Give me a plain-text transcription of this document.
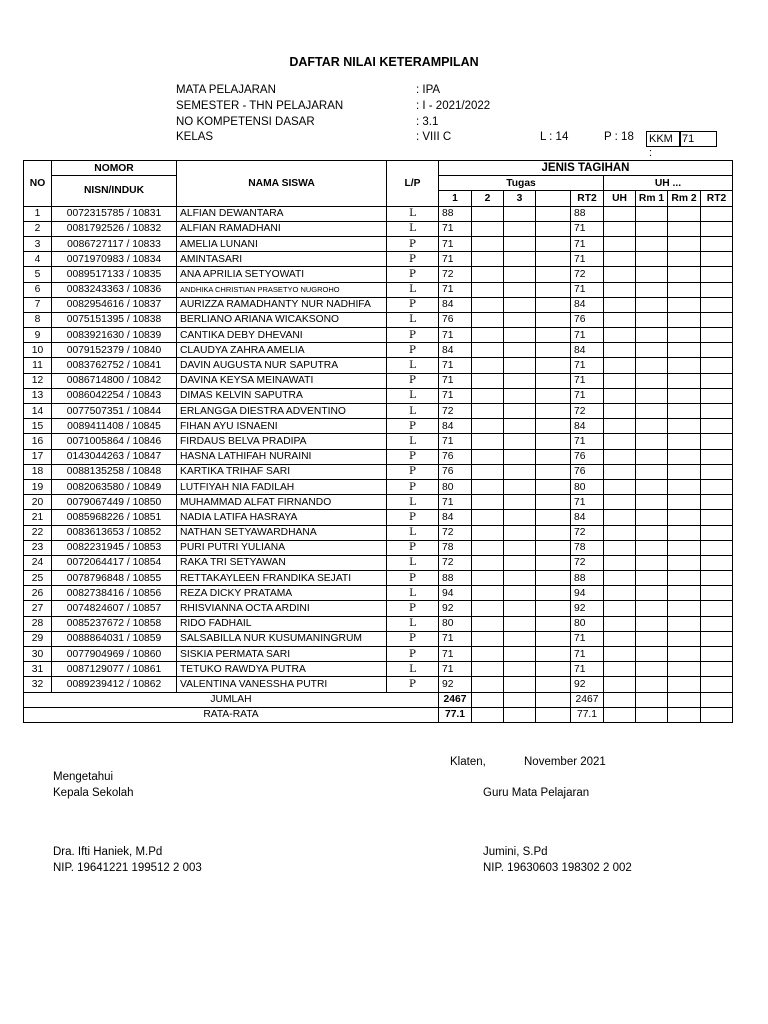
DAFTAR NILAI KETERAMPILAN
MATA PELAJARAN	: IPA
SEMESTER - THN PELAJARAN	: I - 2021/2022
NO KOMPETENSI DASAR	: 3.1
KELAS	: VIII C	L : 14	P : 18 KKM :
71
NO	NOMOR	NAMA SISWA	L/P	JENIS TAGIHAN								
	NISN/INDUK			Tugas					UH ...			
				1	2	3		RT2	UH	Rm 1	Rm 2	RT2
1	0072315785 / 10831	ALFIAN DEWANTARA	L	88				88				
2	0081792526 / 10832	ALFIAN RAMADHANI	L	71				71				
3	0086727117 / 10833	AMELIA LUNANI	P	71				71				
4	0071970983 / 10834	AMINTASARI	P	71				71				
5	0089517133 / 10835	ANA APRILIA SETYOWATI	P	72				72				
6	0083243363 / 10836	ANDHIKA CHRISTIAN PRASETYO NUGROHO	L	71				71				
7	0082954616 / 10837	AURIZZA RAMADHANTY NUR NADHIFA	P	84				84				
8	0075151395 / 10838	BERLIANO ARIANA WICAKSONO	L	76				76				
9	0083921630 / 10839	CANTIKA DEBY DHEVANI	P	71				71				
10	0079152379 / 10840	CLAUDYA ZAHRA AMELIA	P	84				84				
11	0083762752 / 10841	DAVIN AUGUSTA NUR SAPUTRA	L	71				71				
12	0086714800 / 10842	DAVINA KEYSA MEINAWATI	P	71				71				
13	0086042254 / 10843	DIMAS KELVIN SAPUTRA	L	71				71				
14	0077507351 / 10844	ERLANGGA DIESTRA ADVENTINO	L	72				72				
15	0089411408 / 10845	FIHAN AYU ISNAENI	P	84				84				
16	0071005864 / 10846	FIRDAUS BELVA PRADIPA	L	71				71				
17	0143044263 / 10847	HASNA LATHIFAH NURAINI	P	76				76				
18	0088135258 / 10848	KARTIKA TRIHAF SARI	P	76				76				
19	0082063580 / 10849	LUTFIYAH NIA FADILAH	P	80				80				
20	0079067449 / 10850	MUHAMMAD ALFAT FIRNANDO	L	71				71				
21	0085968226 / 10851	NADIA LATIFA HASRAYA	P	84				84				
22	0083613653 / 10852	NATHAN SETYAWARDHANA	L	72				72				
23	0082231945 / 10853	PURI PUTRI YULIANA	P	78				78				
24	0072064417 / 10854	RAKA TRI SETYAWAN	L	72				72				
25	0078796848 / 10855	RETTAKAYLEEN FRANDIKA SEJATI	P	88				88				
26	0082738416 / 10856	REZA DICKY PRATAMA	L	94				94				
27	0074824607 / 10857	RHISVIANNA OCTA ARDINI	P	92				92				
28	0085237672 / 10858	RIDO FADHAIL	L	80				80				
29	0088864031 / 10859	SALSABILLA NUR KUSUMANINGRUM	P	71				71				
30	0077904969 / 10860	SISKIA PERMATA SARI	P	71				71				
31	0087129077 / 10861	TETUKO RAWDYA PUTRA	L	71				71				
32	0089239412 / 10862	VALENTINA VANESSHA PUTRI	P	92				92				
JUMLAH				2467				2467				
RATA-RATA				77.1				77.1				
Klaten,	November 2021
Mengetahui
Kepala Sekolah	Guru Mata Pelajaran
Dra. Ifti Haniek, M.Pd	Jumini, S.Pd
NIP. 19641221 199512 2 003	NIP. 19630603 198302 2 002
